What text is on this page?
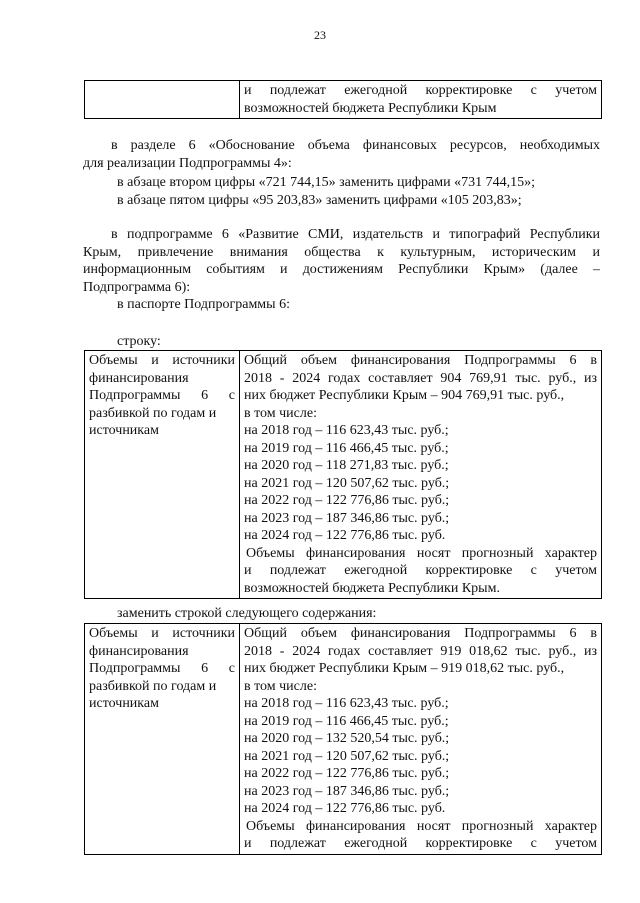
23

и подлежат ежегодной корректировке с учетом
возможностей бюджета Республики Крым
в разделе 6 «Обоснование объема финансовых ресурсов, необходимых
для реализации Подпрограммы 4»:
в абзаце втором цифры «721 744,15» заменить цифрами «731 744,15»;
в абзаце пятом цифры «95 203,83» заменить цифрами «105 203,83»;
в подпрограмме 6 «Развитие СМИ, издательств и типографий Республики
Крым, привлечение внимания общества к культурным, историческим и
информационным событиям и достижениям Республики Крым» (далее –
Подпрограмма 6):
в паспорте Подпрограммы 6:
строку:
Объемы и источники
финансирования
Подпрограммы 6 с
разбивкой по годам и
источникам

Общий объем финансирования Подпрограммы 6 в
2018 - 2024 годах составляет 904 769,91 тыс. руб., из
них бюджет Республики Крым – 904 769,91 тыс. руб.,
в том числе:
на 2018 год – 116 623,43 тыс. руб.;
на 2019 год – 116 466,45 тыс. руб.;
на 2020 год – 118 271,83 тыс. руб.;
на 2021 год – 120 507,62 тыс. руб.;
на 2022 год – 122 776,86 тыс. руб.;
на 2023 год – 187 346,86 тыс. руб.;
на 2024 год – 122 776,86 тыс. руб.
Объемы финансирования носят прогнозный характер
и подлежат ежегодной корректировке с учетом
возможностей бюджета Республики Крым.
заменить строкой следующего содержания:
Объемы и источники
финансирования
Подпрограммы 6 с
разбивкой по годам и
источникам

Общий объем финансирования Подпрограммы 6 в
2018 - 2024 годах составляет 919 018,62 тыс. руб., из
них бюджет Республики Крым – 919 018,62 тыс. руб.,
в том числе:
на 2018 год – 116 623,43 тыс. руб.;
на 2019 год – 116 466,45 тыс. руб.;
на 2020 год – 132 520,54 тыс. руб.;
на 2021 год – 120 507,62 тыс. руб.;
на 2022 год – 122 776,86 тыс. руб.;
на 2023 год – 187 346,86 тыс. руб.;
на 2024 год – 122 776,86 тыс. руб.
Объемы финансирования носят прогнозный характер
и подлежат ежегодной корректировке с учетом
